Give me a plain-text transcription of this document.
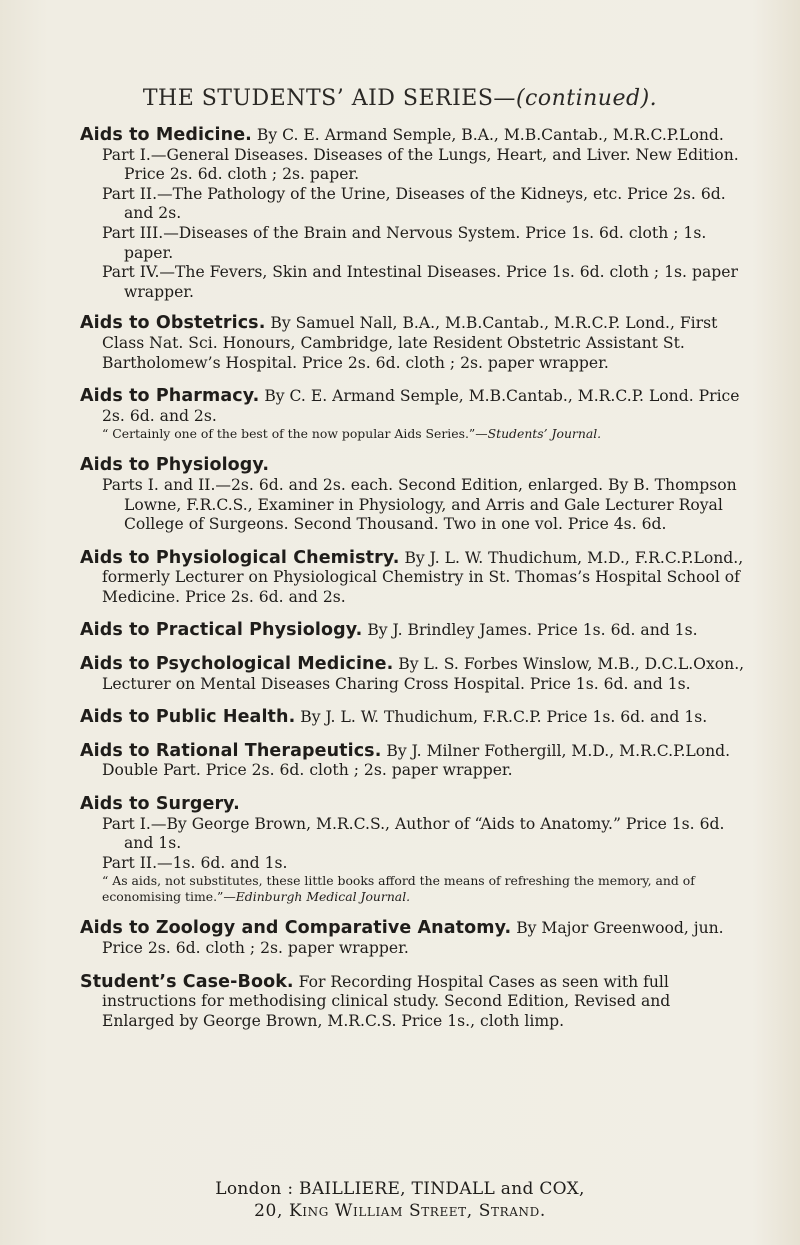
THE STUDENTS’ AID SERIES—(continued).
Aids to Medicine. By C. E. Armand Semple, B.A., M.B.Cantab., M.R.C.P.Lond.
Part I.—General Diseases. Diseases of the Lungs, Heart, and Liver. New Edition. Price 2s. 6d. cloth ; 2s. paper.
Part II.—The Pathology of the Urine, Diseases of the Kidneys, etc. Price 2s. 6d. and 2s.
Part III.—Diseases of the Brain and Nervous System. Price 1s. 6d. cloth ; 1s. paper.
Part IV.—The Fevers, Skin and Intestinal Diseases. Price 1s. 6d. cloth ; 1s. paper wrapper.
Aids to Obstetrics. By Samuel Nall, B.A., M.B.Cantab., M.R.C.P. Lond., First Class Nat. Sci. Honours, Cambridge, late Resident Obstetric Assistant St. Bartholomew’s Hospital. Price 2s. 6d. cloth ; 2s. paper wrapper.
Aids to Pharmacy. By C. E. Armand Semple, M.B.Cantab., M.R.C.P. Lond. Price 2s. 6d. and 2s.
“ Certainly one of the best of the now popular Aids Series.”—Students’ Journal.
Aids to Physiology.
Parts I. and II.—2s. 6d. and 2s. each. Second Edition, enlarged. By B. Thompson Lowne, F.R.C.S., Examiner in Physiology, and Arris and Gale Lecturer Royal College of Surgeons. Second Thousand. Two in one vol. Price 4s. 6d.
Aids to Physiological Chemistry. By J. L. W. Thudichum, M.D., F.R.C.P.Lond., formerly Lecturer on Physiological Chemistry in St. Thomas’s Hospital School of Medicine. Price 2s. 6d. and 2s.
Aids to Practical Physiology. By J. Brindley James. Price 1s. 6d. and 1s.
Aids to Psychological Medicine. By L. S. Forbes Winslow, M.B., D.C.L.Oxon., Lecturer on Mental Diseases Charing Cross Hospital. Price 1s. 6d. and 1s.
Aids to Public Health. By J. L. W. Thudichum, F.R.C.P. Price 1s. 6d. and 1s.
Aids to Rational Therapeutics. By J. Milner Fothergill, M.D., M.R.C.P.Lond. Double Part. Price 2s. 6d. cloth ; 2s. paper wrapper.
Aids to Surgery.
Part I.—By George Brown, M.R.C.S., Author of “Aids to Anatomy.” Price 1s. 6d. and 1s.
Part II.—1s. 6d. and 1s.
“ As aids, not substitutes, these little books afford the means of refreshing the memory, and of economising time.”—Edinburgh Medical Journal.
Aids to Zoology and Comparative Anatomy. By Major Greenwood, jun. Price 2s. 6d. cloth ; 2s. paper wrapper.
Student’s Case-Book. For Recording Hospital Cases as seen with full instructions for methodising clinical study. Second Edition, Revised and Enlarged by George Brown, M.R.C.S. Price 1s., cloth limp.
London : BAILLIERE, TINDALL and COX,
20, King William Street, Strand.
